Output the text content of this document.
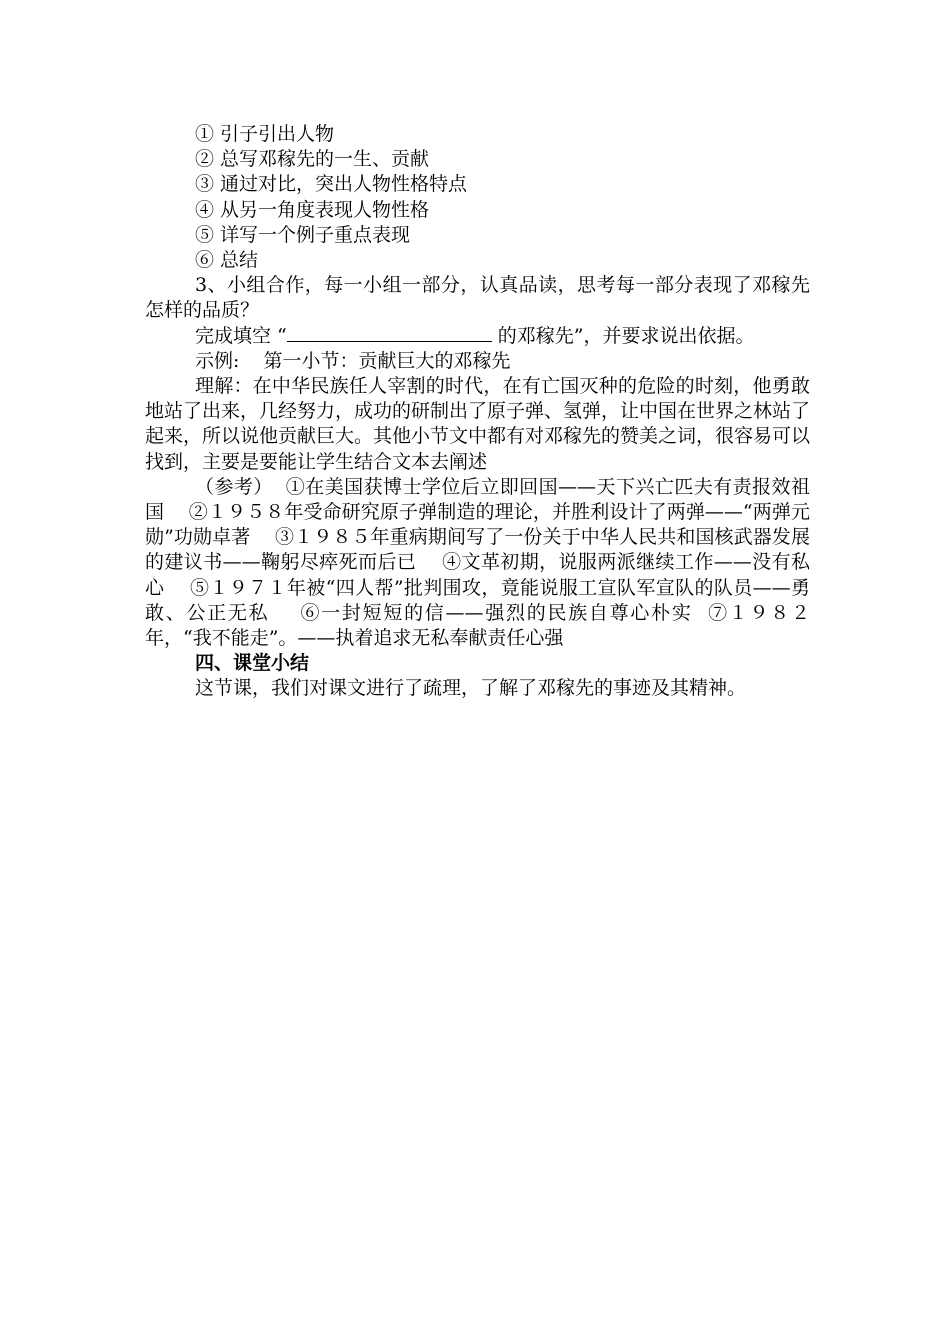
① 引子引出人物
② 总写邓稼先的一生、贡献
③ 通过对比，突出人物性格特点
④ 从另一角度表现人物性格
⑤ 详写一个例子重点表现
⑥ 总结
3、小组合作，每一小组一部分，认真品读，思考每一部分表现了邓稼先怎样的品质？
完成填空 “	的邓稼先”，并要求说出依据。
示例:    第一小节：贡献巨大的邓稼先
理解：在中华民族任人宰割的时代，在有亡国灭种的危险的时刻，他勇敢地站了出来，几经努力，成功的研制出了原子弹、氢弹，让中国在世界之林站了起来，所以说他贡献巨大。其他小节文中都有对邓稼先的赞美之词，很容易可以找到，主要是要能让学生结合文本去阐述
（参考）  ①在美国获博士学位后立即回国——天下兴亡匹夫有责报效祖国    ②１９５８年受命研究原子弹制造的理论，并胜利设计了两弹——“两弹元勋”功勋卓著    ③１９８５年重病期间写了一份关于中华人民共和国核武器发展的建议书——鞠躬尽瘁死而后已    ④文革初期，说服两派继续工作——没有私心    ⑤１９７１年被“四人帮”批判围攻，竟能说服工宣队军宣队的队员——勇敢、公正无私    ⑥一封短短的信——强烈的民族自尊心朴实  ⑦１９８２年，“我不能走”。——执着追求无私奉献责任心强
四、课堂小结
这节课，我们对课文进行了疏理，了解了邓稼先的事迹及其精神。
